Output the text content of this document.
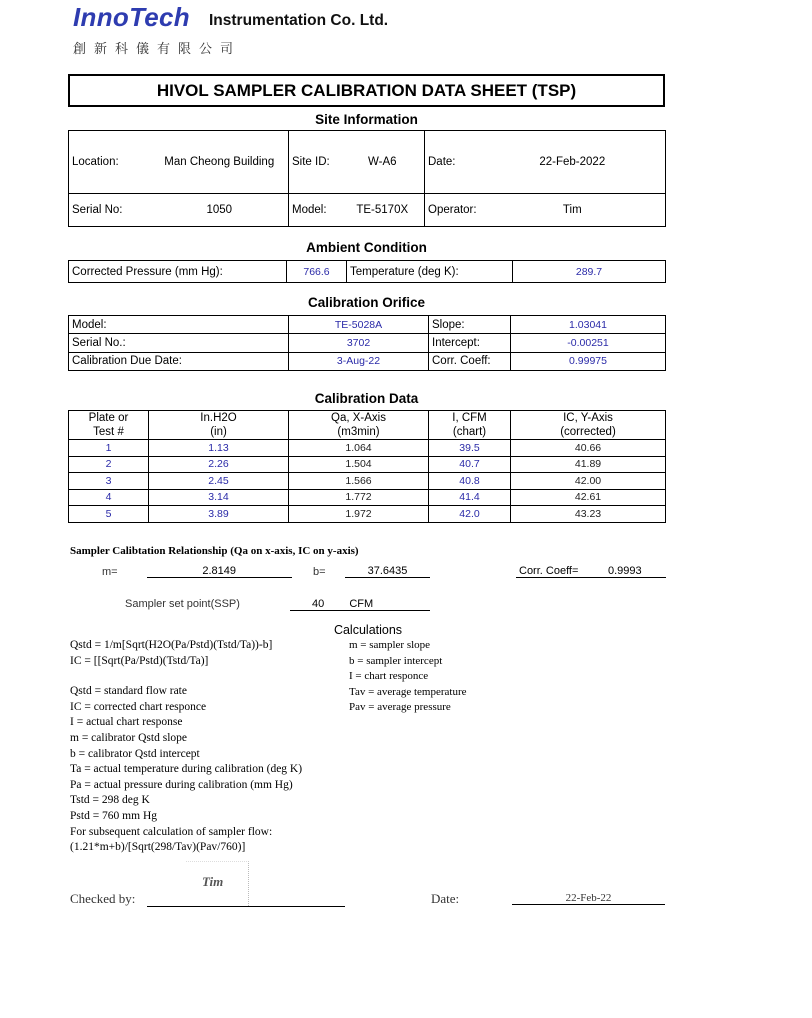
InnoTech Instrumentation Co. Ltd.
創新科儀有限公司
HIVOL SAMPLER CALIBRATION DATA SHEET (TSP)
Site Information
Location:	Man Cheong Building	Site ID:	W-A6	Date:	22-Feb-2022
Serial No:	1050	Model:	TE-5170X	Operator:	Tim
Ambient Condition
Corrected Pressure (mm Hg):	766.6	Temperature (deg K):	289.7
Calibration Orifice
Model:	TE-5028A	Slope:	1.03041
Serial No.:	3702	Intercept:	-0.00251
Calibration Due Date:	3-Aug-22	Corr. Coeff:	0.99975
Calibration Data
Plate or	In.H2O	Qa, X-Axis	I, CFM	IC, Y-Axis
Test #	(in)	(m3min)	(chart)	(corrected)
1	1.13	1.064	39.5	40.66
2	2.26	1.504	40.7	41.89
3	2.45	1.566	40.8	42.00
4	3.14	1.772	41.4	42.61
5	3.89	1.972	42.0	43.23
Sampler Calibtation Relationship (Qa on x-axis, IC on y-axis)
m=	2.8149	b=	37.6435	Corr. Coeff=	0.9993
Sampler set point(SSP)	40 CFM
Calculations
Qstd = 1/m[Sqrt(H2O(Pa/Pstd)(Tstd/Ta))-b]
IC = [[Sqrt(Pa/Pstd)(Tstd/Ta)]
Qstd = standard flow rate
IC = corrected chart responce
I = actual chart response
m = calibrator Qstd slope
b = calibrator Qstd intercept
Ta = actual temperature during calibration (deg K)
Pa = actual pressure during calibration (mm Hg)
Tstd = 298 deg K
Pstd = 760 mm Hg
For subsequent calculation of sampler flow:
(1.21*m+b)/[Sqrt(298/Tav)(Pav/760)]
m = sampler slope
b = sampler intercept
I = chart responce
Tav = average temperature
Pav = average pressure
Checked by:
Tim
Date:	22-Feb-22
